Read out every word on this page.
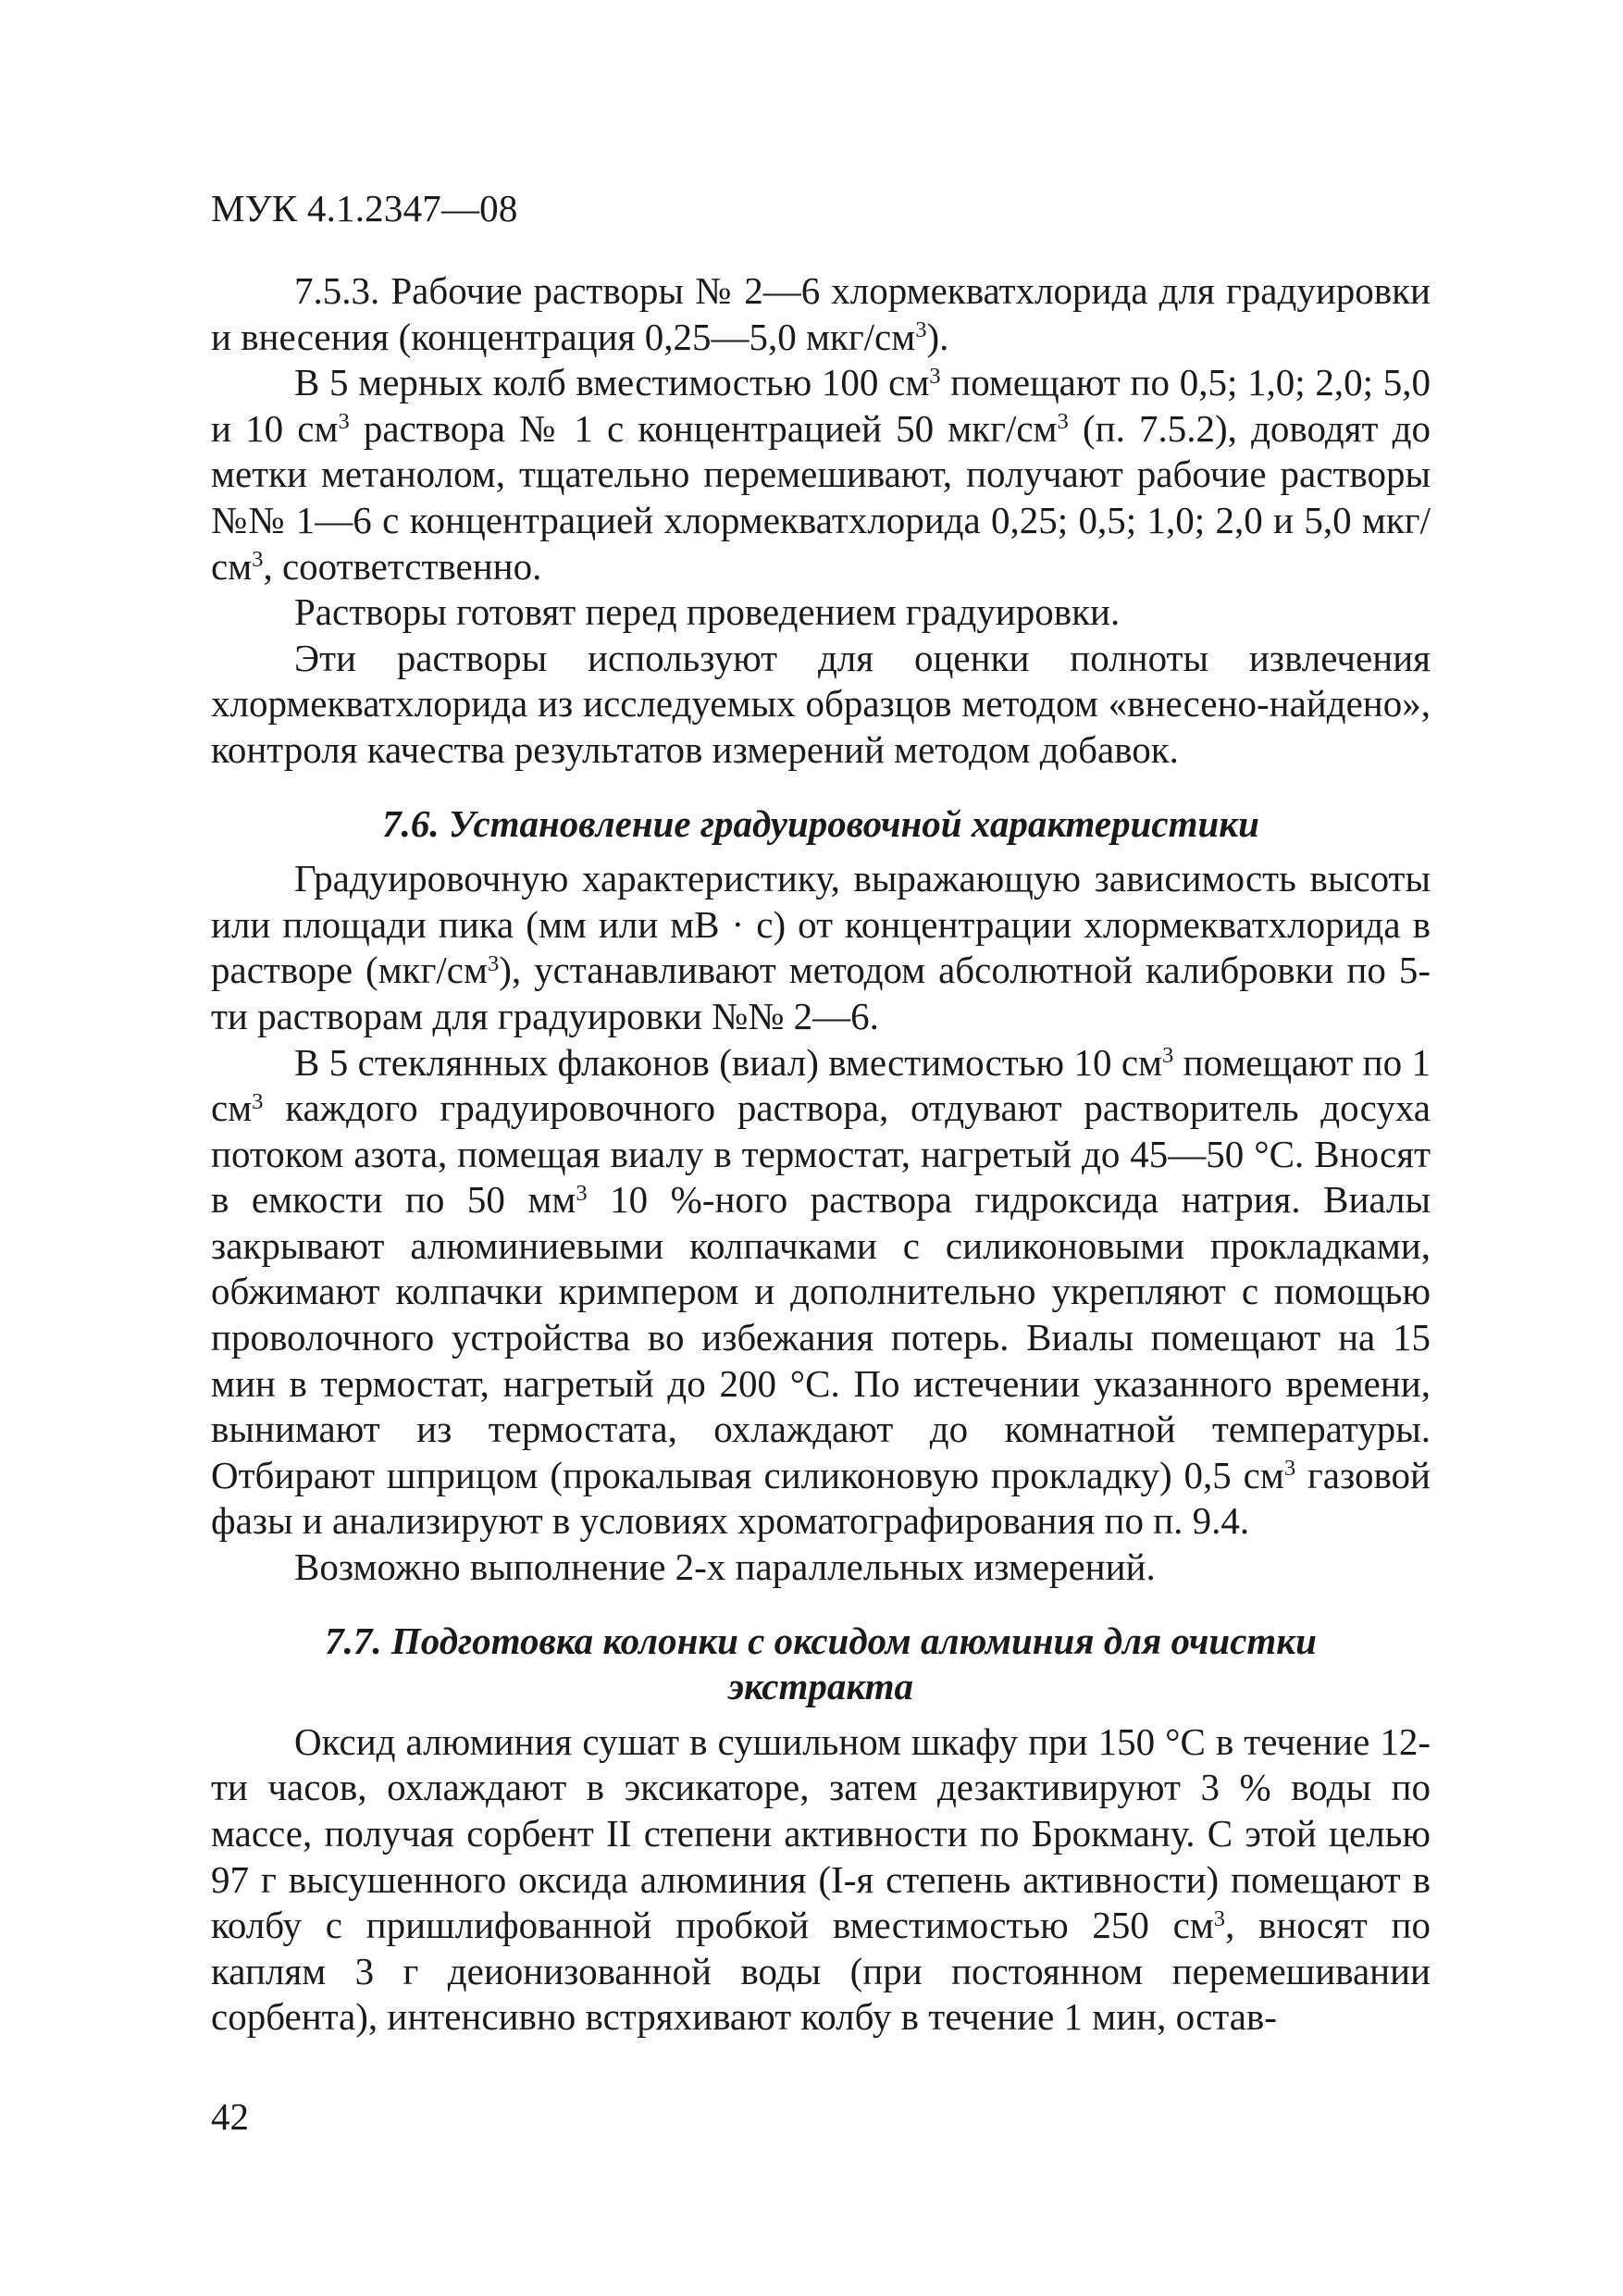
МУК 4.1.2347—08

7.5.3. Рабочие растворы № 2—6 хлормекватхлорида для градуировки и внесения (концентрация 0,25—5,0 мкг/$см^3$).

В 5 мерных колб вместимостью 100 $см^3$ помещают по 0,5; 1,0; 2,0; 5,0 и 10 $см^3$ раствора № 1 с концентрацией 50 мкг/$см^3$ (п. 7.5.2), доводят до метки метанолом, тщательно перемешивают, получают рабочие растворы №№ 1—6 с концентрацией хлормекватхлорида 0,25; 0,5; 1,0; 2,0 и 5,0 мкг/$см^3$, соответственно.

Растворы готовят перед проведением градуировки.

Эти растворы используют для оценки полноты извлечения хлормекватхлорида из исследуемых образцов методом «внесено-найдено», контроля качества результатов измерений методом добавок.

7.6. Установление градуировочной характеристики

Градуировочную характеристику, выражающую зависимость высоты или площади пика (мм или мВ · с) от концентрации хлормекватхлорида в растворе $(мкг/см^3)$, устанавливают методом абсолютной калибровки по 5-ти растворам для градуировки №№ 2—6.

В 5 стеклянных флаконов (виал) вместимостью 10 $см^3$ помещают по 1 $см^3$ каждого градуировочного раствора, отдувают растворитель досуха потоком азота, помещая виалу в термостат, нагретый до 45—50 °С. Вносят в емкости по 50 $мм^3$ 10 %-ного раствора гидроксида натрия. Виалы закрывают алюминиевыми колпачками с силиконовыми прокладками, обжимают колпачки кримпером и дополнительно укрепляют с помощью проволочного устройства во избежания потерь. Виалы помещают на 15 мин в термостат, нагретый до 200 °С. По истечении указанного времени, вынимают из термостата, охлаждают до комнатной температуры. Отбирают шприцом (прокалывая силиконовую прокладку) 0,5 $см^3$ газовой фазы и анализируют в условиях хроматографирования по п. 9.4.

Возможно выполнение 2-х параллельных измерений.

7.7. Подготовка колонки с оксидом алюминия для очистки
экстракта

Оксид алюминия сушат в сушильном шкафу при 150 °С в течение 12-ти часов, охлаждают в эксикаторе, затем дезактивируют 3 % воды по массе, получая сорбент II степени активности по Брокману. С этой целью 97 г высушенного оксида алюминия (I-я степень активности) помещают в колбу с пришлифованной пробкой вместимостью 250 $см^3$, вносят по каплям 3 г деионизованной воды (при постоянном перемешивании сорбента), интенсивно встряхивают колбу в течение 1 мин, остав-

42
